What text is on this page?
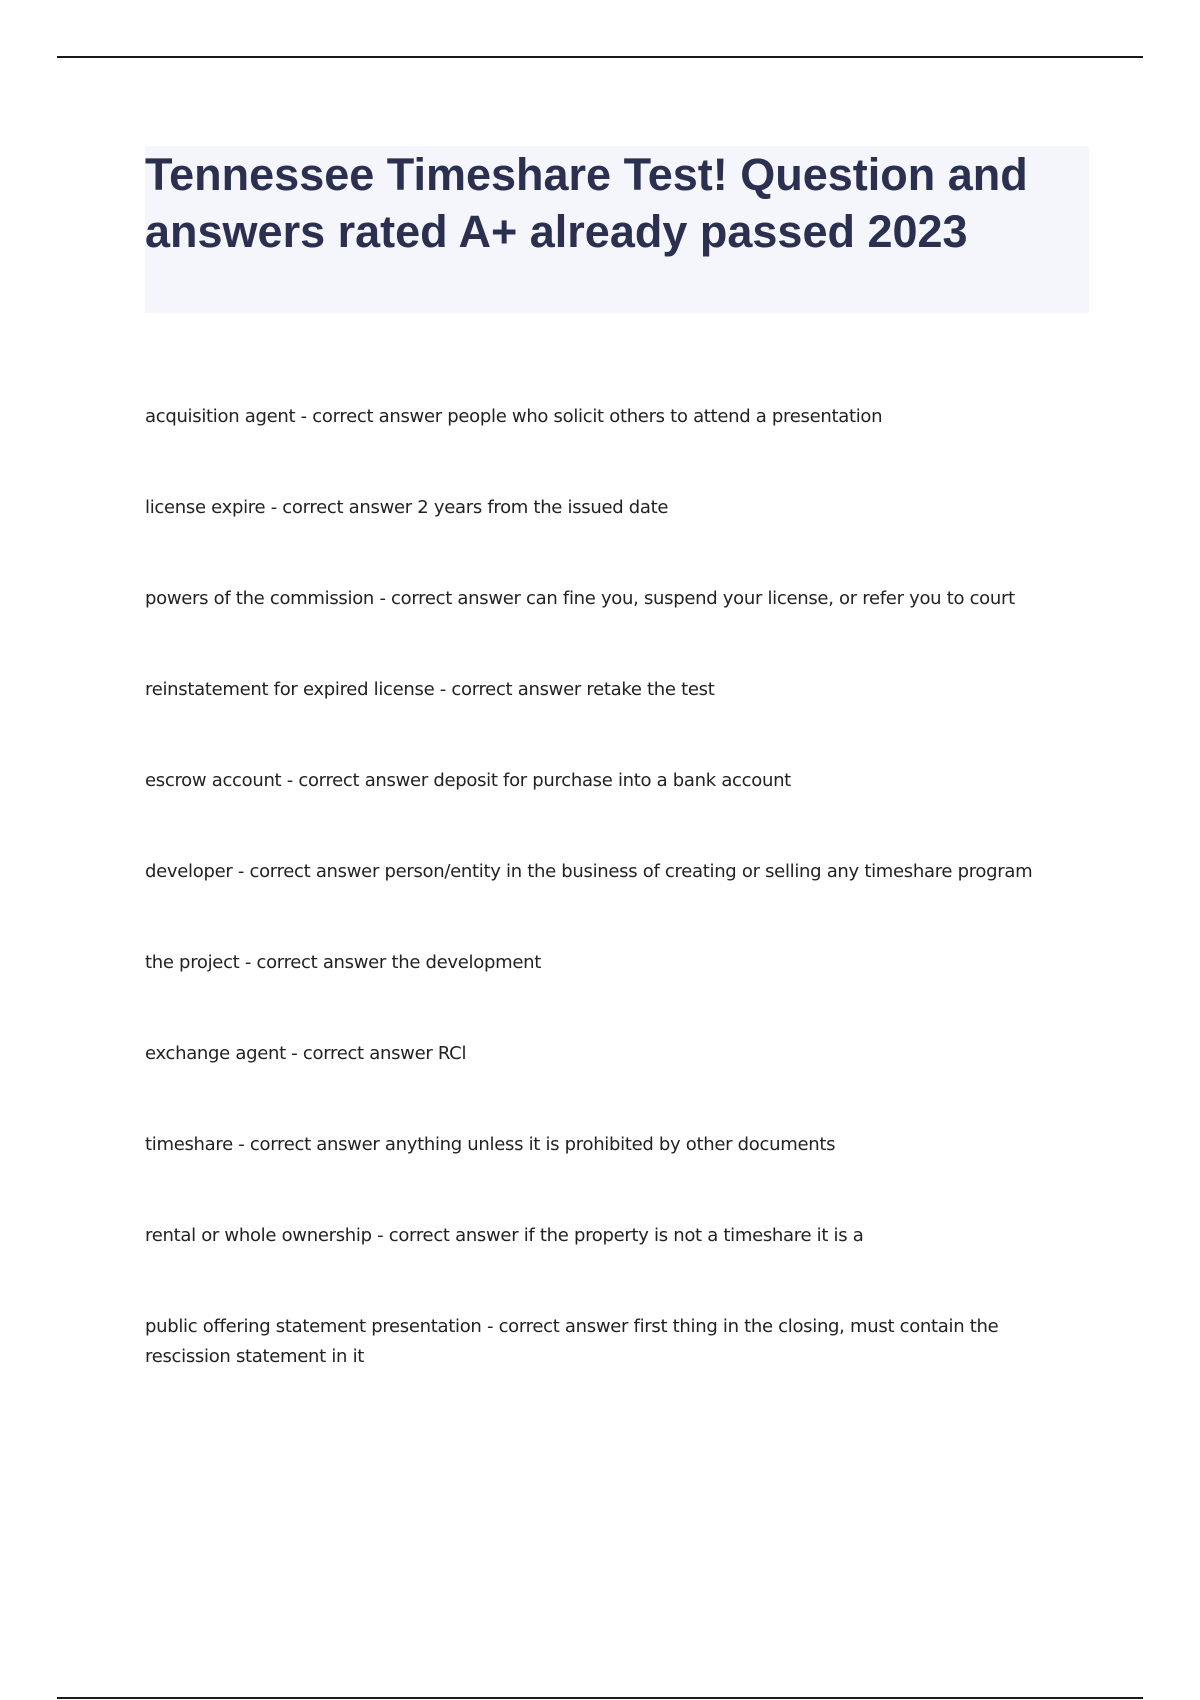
Tennessee Timeshare Test! Question and answers rated A+ already passed 2023
acquisition agent - correct answer people who solicit others to attend a presentation
license expire - correct answer 2 years from the issued date
powers of the commission - correct answer can fine you, suspend your license, or refer you to court
reinstatement for expired license - correct answer retake the test
escrow account - correct answer deposit for purchase into a bank account
developer - correct answer person/entity in the business of creating or selling any timeshare program
the project - correct answer the development
exchange agent - correct answer RCl
timeshare - correct answer anything unless it is prohibited by other documents
rental or whole ownership - correct answer if the property is not a timeshare it is a
public offering statement presentation - correct answer first thing in the closing, must contain the rescission statement in it
